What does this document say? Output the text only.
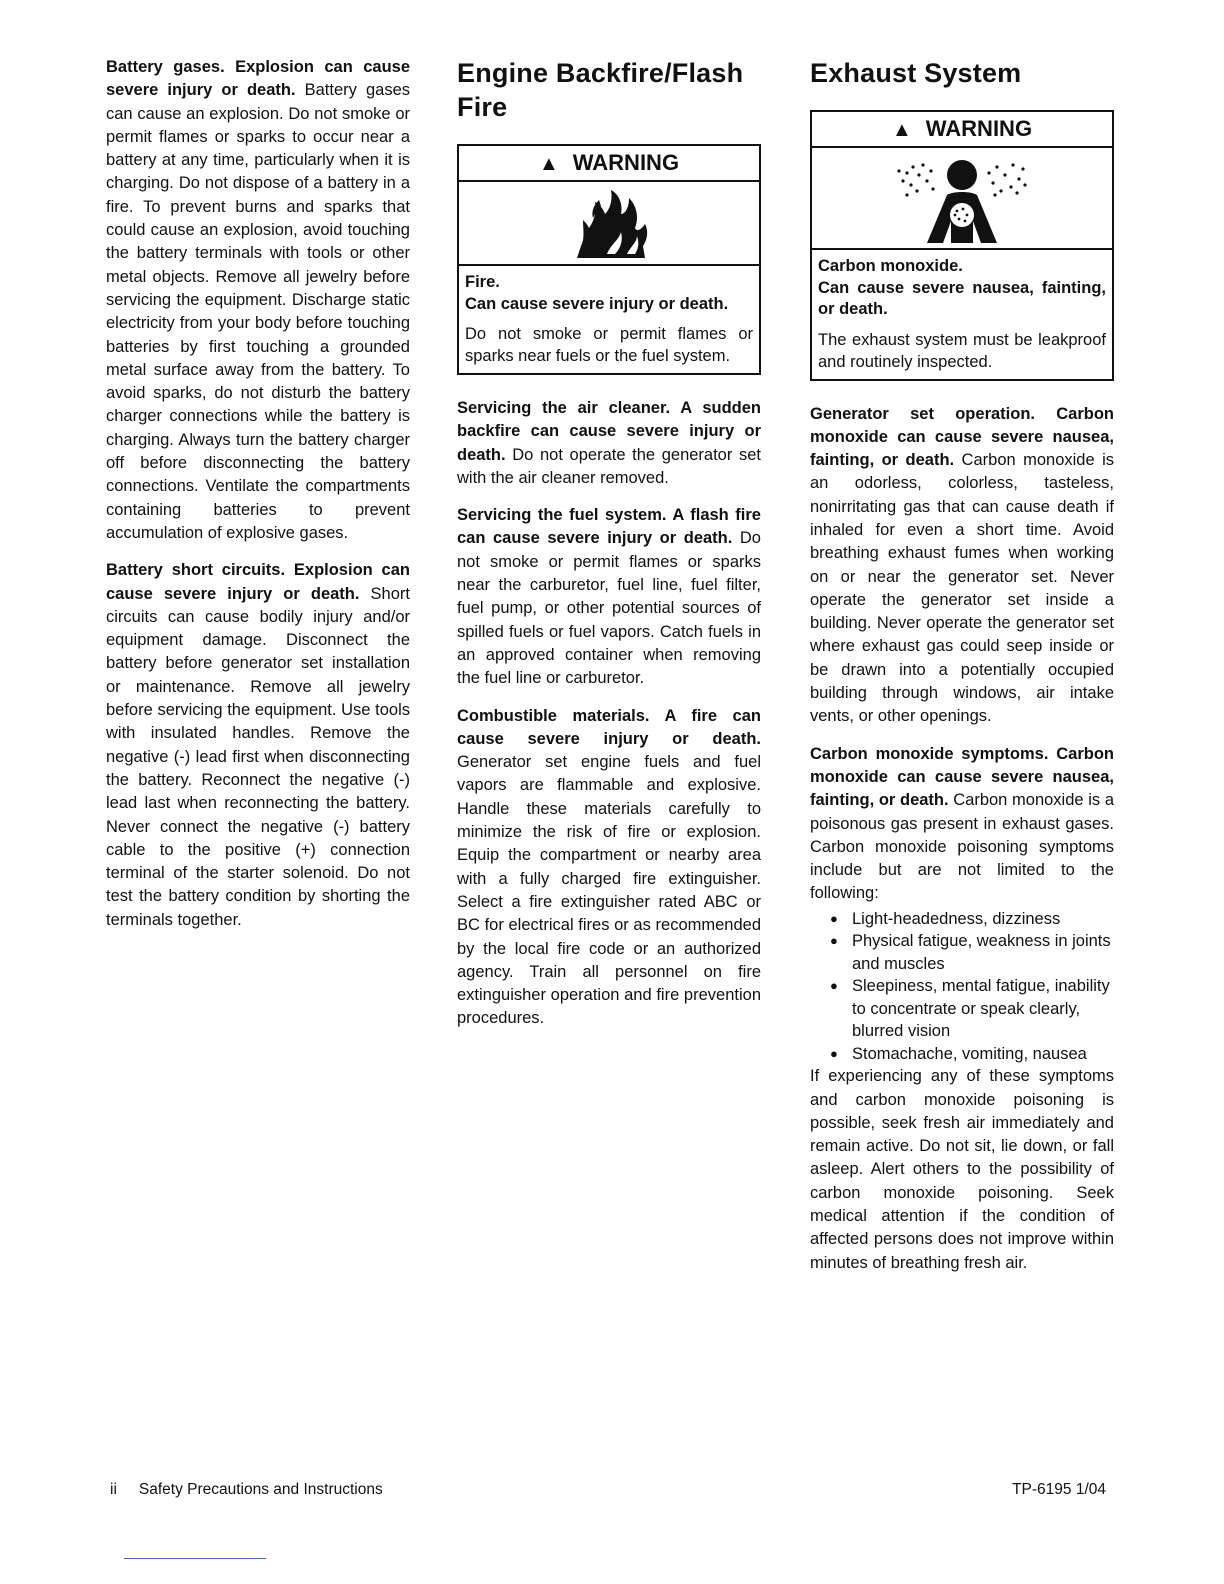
Battery gases. Explosion can cause severe injury or death. Battery gases can cause an explosion. Do not smoke or permit flames or sparks to occur near a battery at any time, particularly when it is charging. Do not dispose of a battery in a fire. To prevent burns and sparks that could cause an explosion, avoid touching the battery terminals with tools or other metal objects. Remove all jewelry before servicing the equipment. Discharge static electricity from your body before touching batteries by first touching a grounded metal surface away from the battery. To avoid sparks, do not disturb the battery charger connections while the battery is charging. Always turn the battery charger off before disconnecting the battery connections. Ventilate the compartments containing batteries to prevent accumulation of explosive gases.

Battery short circuits. Explosion can cause severe injury or death. Short circuits can cause bodily injury and/or equipment damage. Disconnect the battery before generator set installation or maintenance. Remove all jewelry before servicing the equipment. Use tools with insulated handles. Remove the negative (-) lead first when disconnecting the battery. Reconnect the negative (-) lead last when reconnecting the battery. Never connect the negative (-) battery cable to the positive (+) connection terminal of the starter solenoid. Do not test the battery condition by shorting the terminals together.

Engine Backfire/Flash Fire
▲ WARNING
Fire.
Can cause severe injury or death.
Do not smoke or permit flames or sparks near fuels or the fuel system.

Servicing the air cleaner. A sudden backfire can cause severe injury or death. Do not operate the generator set with the air cleaner removed.

Servicing the fuel system. A flash fire can cause severe injury or death. Do not smoke or permit flames or sparks near the carburetor, fuel line, fuel filter, fuel pump, or other potential sources of spilled fuels or fuel vapors. Catch fuels in an approved container when removing the fuel line or carburetor.

Combustible materials. A fire can cause severe injury or death. Generator set engine fuels and fuel vapors are flammable and explosive. Handle these materials carefully to minimize the risk of fire or explosion. Equip the compartment or nearby area with a fully charged fire extinguisher. Select a fire extinguisher rated ABC or BC for electrical fires or as recommended by the local fire code or an authorized agency. Train all personnel on fire extinguisher operation and fire prevention procedures.

Exhaust System
▲ WARNING
Carbon monoxide.
Can cause severe nausea, fainting, or death.
The exhaust system must be leakproof and routinely inspected.

Generator set operation. Carbon monoxide can cause severe nausea, fainting, or death. Carbon monoxide is an odorless, colorless, tasteless, nonirritating gas that can cause death if inhaled for even a short time. Avoid breathing exhaust fumes when working on or near the generator set. Never operate the generator set inside a building. Never operate the generator set where exhaust gas could seep inside or be drawn into a potentially occupied building through windows, air intake vents, or other openings.

Carbon monoxide symptoms. Carbon monoxide can cause severe nausea, fainting, or death. Carbon monoxide is a poisonous gas present in exhaust gases. Carbon monoxide poisoning symptoms include but are not limited to the following:

● Light-headedness, dizziness
● Physical fatigue, weakness in joints and muscles
● Sleepiness, mental fatigue, inability to concentrate or speak clearly, blurred vision
● Stomachache, vomiting, nausea

If experiencing any of these symptoms and carbon monoxide poisoning is possible, seek fresh air immediately and remain active. Do not sit, lie down, or fall asleep. Alert others to the possibility of carbon monoxide poisoning. Seek medical attention if the condition of affected persons does not improve within minutes of breathing fresh air.

ii Safety Precautions and Instructions	TP-6195 1/04
